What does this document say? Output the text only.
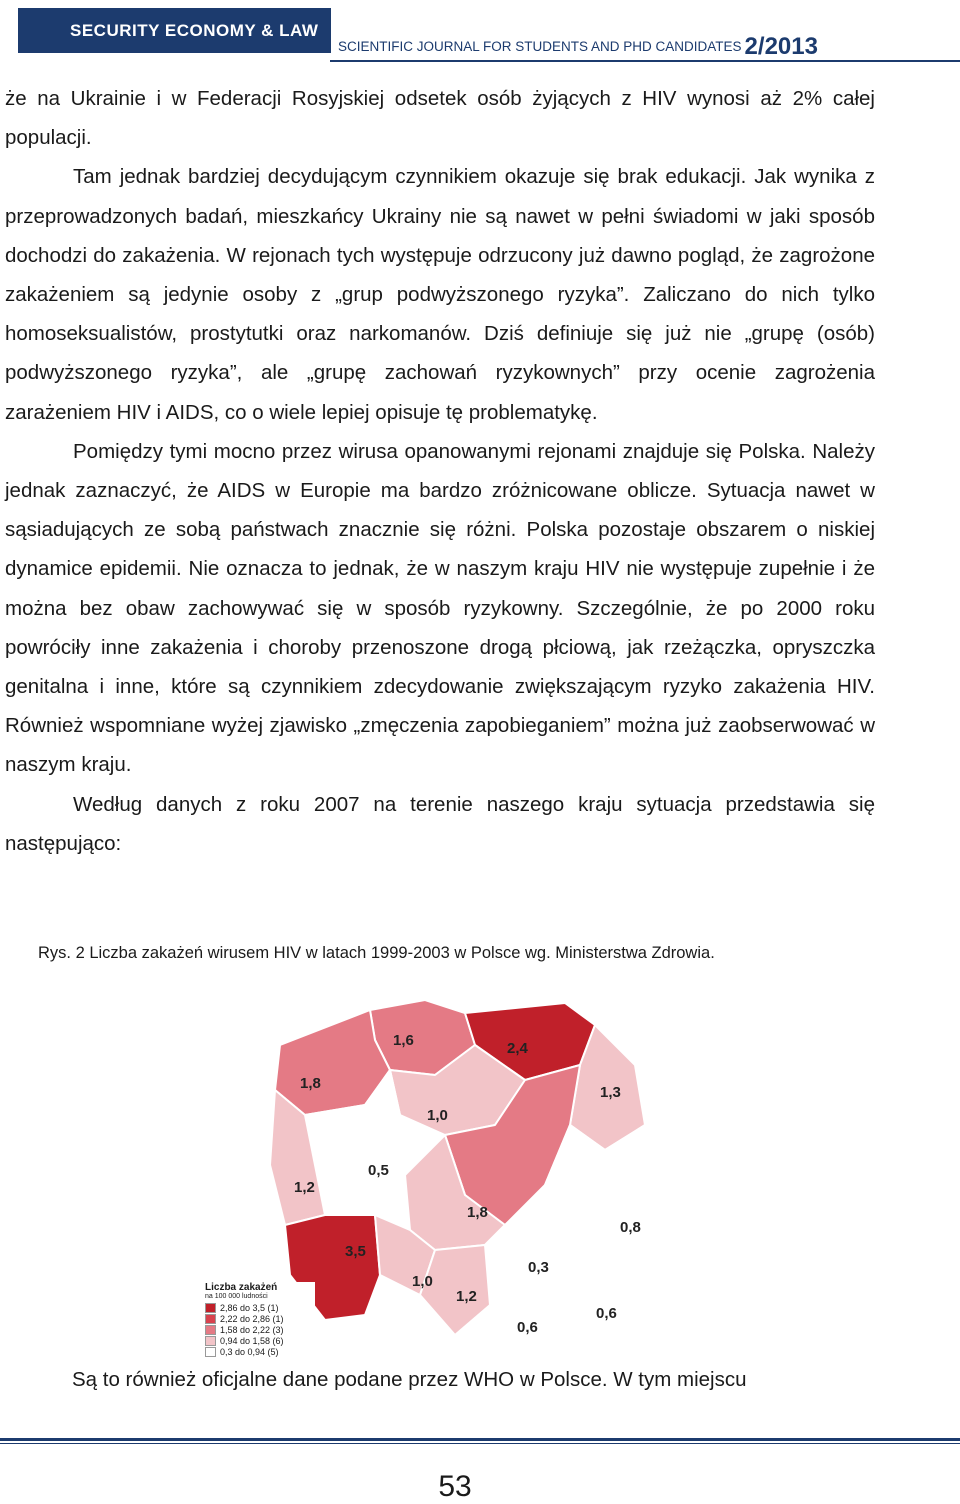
SECURITY ECONOMY & LAW
SCIENTIFIC JOURNAL FOR STUDENTS AND PHD CANDIDATES 2/2013

że na Ukrainie i w Federacji Rosyjskiej odsetek osób żyjących z HIV wynosi aż 2% całej populacji.

Tam jednak bardziej decydującym czynnikiem okazuje się brak edukacji. Jak wynika z przeprowadzonych badań, mieszkańcy Ukrainy nie są nawet w pełni świadomi w jaki sposób dochodzi do zakażenia. W rejonach tych występuje odrzucony już dawno pogląd, że zagrożone zakażeniem są jedynie osoby z „grup podwyższonego ryzyka”. Zaliczano do nich tylko homoseksualistów, prostytutki oraz narkomanów. Dziś definiuje się już nie „grupę (osób) podwyższonego ryzyka”, ale „grupę zachowań ryzykownych” przy ocenie zagrożenia zarażeniem HIV i AIDS, co o wiele lepiej opisuje tę problematykę.

Pomiędzy tymi mocno przez wirusa opanowanymi rejonami znajduje się Polska. Należy jednak zaznaczyć, że AIDS w Europie ma bardzo zróżnicowane oblicze. Sytuacja nawet w sąsiadujących ze sobą państwach znacznie się różni. Polska pozostaje obszarem o niskiej dynamice epidemii. Nie oznacza to jednak, że w naszym kraju HIV nie występuje zupełnie i że można bez obaw zachowywać się w sposób ryzykowny. Szczególnie, że po 2000 roku powróciły inne zakażenia i choroby przenoszone drogą płciową, jak rzeżączka, opryszczka genitalna i inne, które są czynnikiem zdecydowanie zwiększającym ryzyko zakażenia HIV. Również wspomniane wyżej zjawisko „zmęczenia zapobieganiem” można już zaobserwować w naszym kraju.

Według danych z roku 2007 na terenie naszego kraju sytuacja przedstawia się następująco:

Rys. 2 Liczba zakażeń wirusem HIV w latach 1999-2003 w Polsce wg. Ministerstwa Zdrowia.
1,6	2,4
1,8
1,3
1,0
0,5
1,2
1,8
0,8
3,5
0,3
1,0
1,2
0,6
0,6
Liczba zakażeń
na 100 000 ludności
2,86 do 3,5 (1)
2,22 do 2,86 (1)
1,58 do 2,22 (3)
0,94 do 1,58 (6)
0,3 do 0,94 (5)
Są to również oficjalne dane podane przez WHO w Polsce. W tym miejscu
53
